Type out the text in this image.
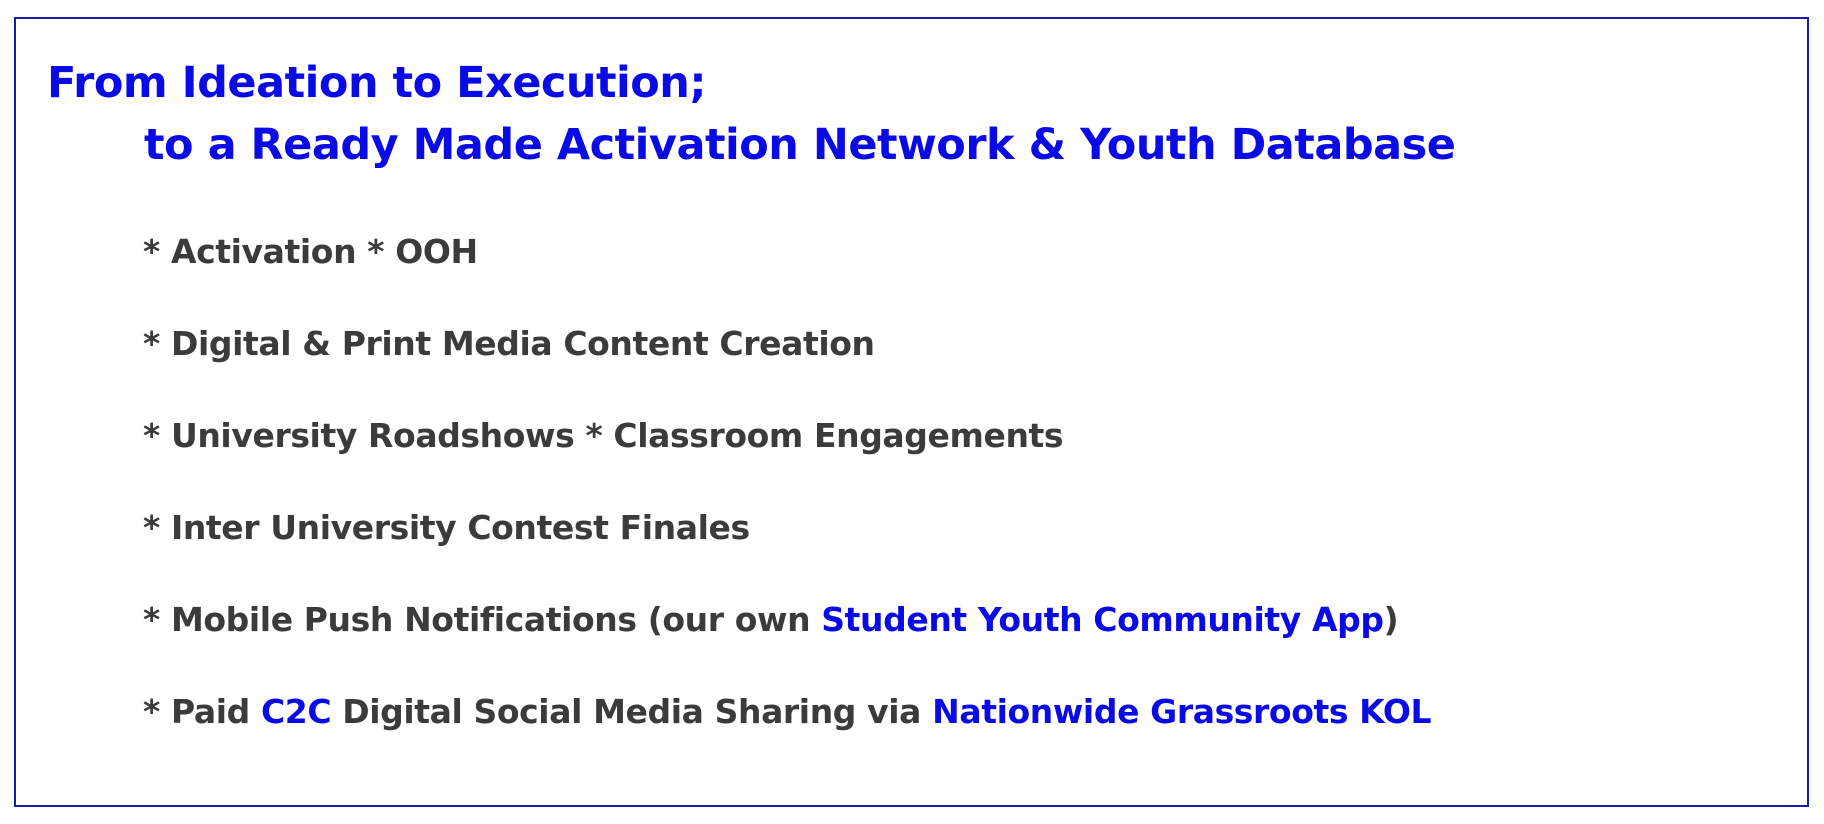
From Ideation to Execution;
to a Ready Made Activation Network & Youth Database
* Activation * OOH
* Digital & Print Media Content Creation
* University Roadshows * Classroom Engagements
* Inter University Contest Finales
* Mobile Push Notifications (our own Student Youth Community App)
* Paid C2C Digital Social Media Sharing via Nationwide Grassroots KOL
